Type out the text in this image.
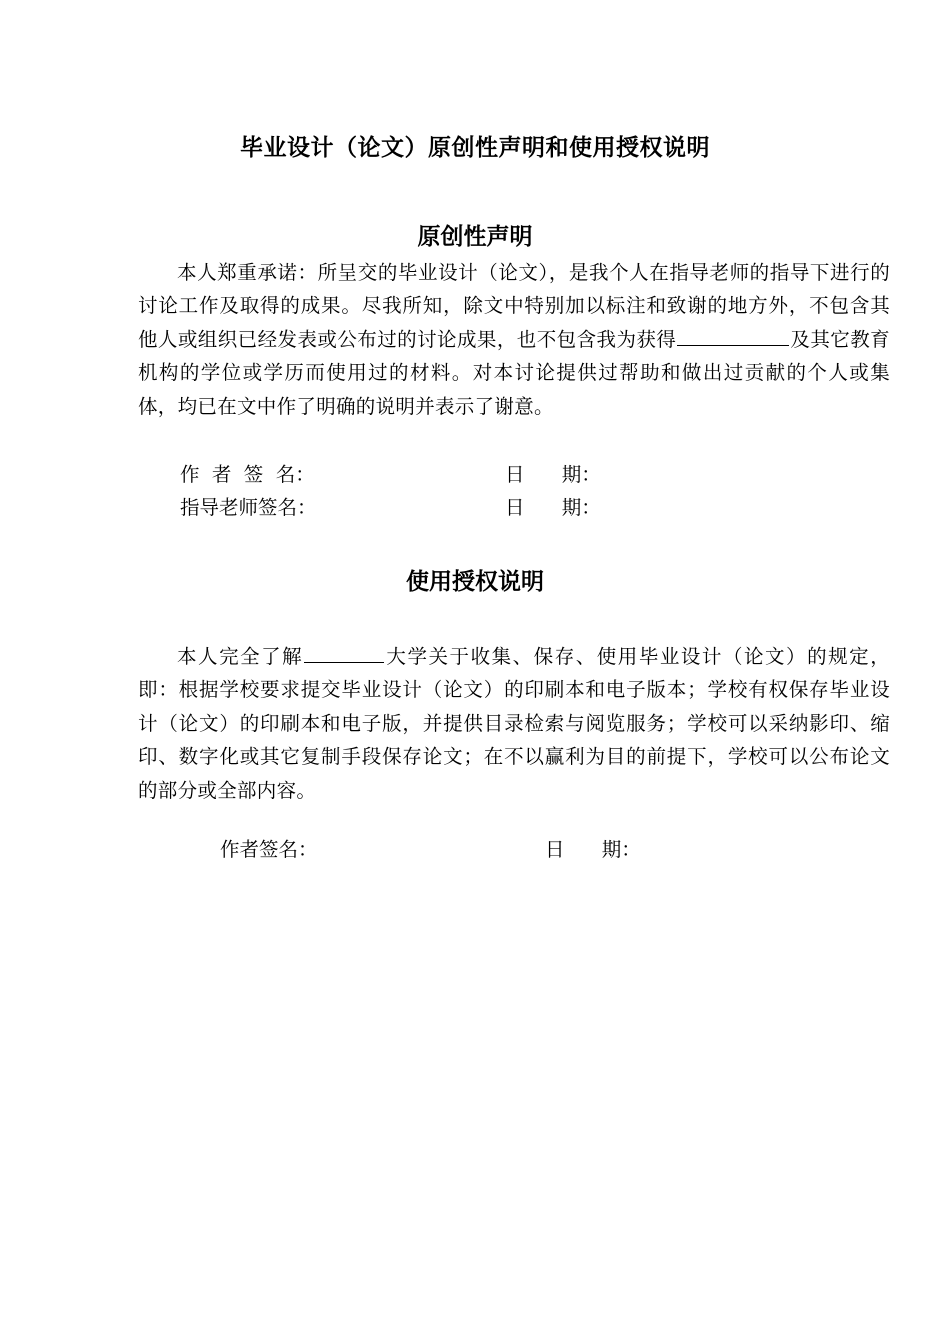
毕业设计（论文）原创性声明和使用授权说明
原创性声明
本人郑重承诺：所呈交的毕业设计（论文），是我个人在指导老师的指导下进行的讨论工作及取得的成果。尽我所知，除文中特别加以标注和致谢的地方外，不包含其他人或组织已经发表或公布过的讨论成果，也不包含我为获得	及其它教育机构的学位或学历而使用过的材料。对本讨论提供过帮助和做出过贡献的个人或集体，均已在文中作了明确的说明并表示了谢意。
作  者  签  名：	日      期：
指导老师签名：	日      期：
使用授权说明
本人完全了解	大学关于收集、保存、使用毕业设计（论文）的规定，即：根据学校要求提交毕业设计（论文）的印刷本和电子版本；学校有权保存毕业设计（论文）的印刷本和电子版，并提供目录检索与阅览服务；学校可以采纳影印、缩印、数字化或其它复制手段保存论文；在不以赢利为目的前提下，学校可以公布论文的部分或全部内容。
作者签名：	日      期：
